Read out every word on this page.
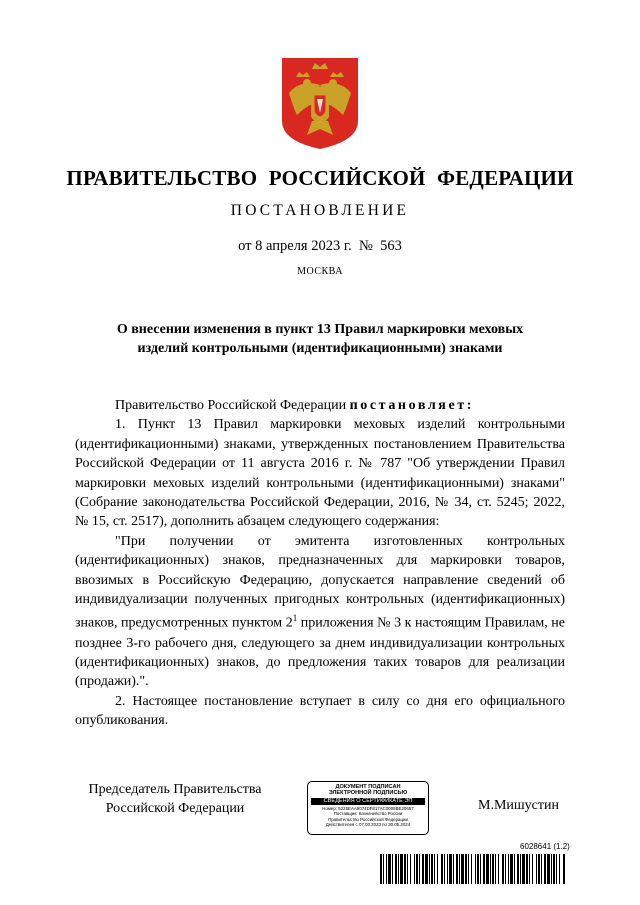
ПРАВИТЕЛЬСТВО РОССИЙСКОЙ ФЕДЕРАЦИИ
ПОСТАНОВЛЕНИЕ
от 8 апреля 2023 г.  №  563
МОСКВА
О внесении изменения в пункт 13 Правил маркировки меховых изделий контрольными (идентификационными) знаками

Правительство Российской Федерации постановляет:

1. Пункт 13 Правил маркировки меховых изделий контрольными (идентификационными) знаками, утвержденных постановлением Правительства Российской Федерации от 11 августа 2016 г. № 787 "Об утверждении Правил маркировки меховых изделий контрольными (идентификационными) знаками" (Собрание законодательства Российской Федерации, 2016, № 34, ст. 5245; 2022, № 15, ст. 2517), дополнить абзацем следующего содержания:

"При получении от эмитента изготовленных контрольных (идентификационных) знаков, предназначенных для маркировки товаров, ввозимых в Российскую Федерацию, допускается направление сведений об индивидуализации полученных пригодных контрольных (идентификационных) знаков, предусмотренных пунктом $2^1$ приложения № 3 к настоящим Правилам, не позднее 3-го рабочего дня, следующего за днем индивидуализации контрольных (идентификационных) знаков, до предложения таких товаров для реализации (продажи).".

2. Настоящее постановление вступает в силу со дня его официального опубликования.

Председатель Правительства
Российской Федерации
ДОКУМЕНТ ПОДПИСАН
ЭЛЕКТРОННОЙ ПОДПИСЬЮ
СВЕДЕНИЯ О СЕРТИФИКАТЕ ЭП
Номер: 5225EAA9074DF817AC0008BE20657
Поставщик: Казначейство России
Правительство Российской Федерации
Действителен с 07.03.2023 по 30.05.2024
М.Мишустин
6028641 (1.2)
